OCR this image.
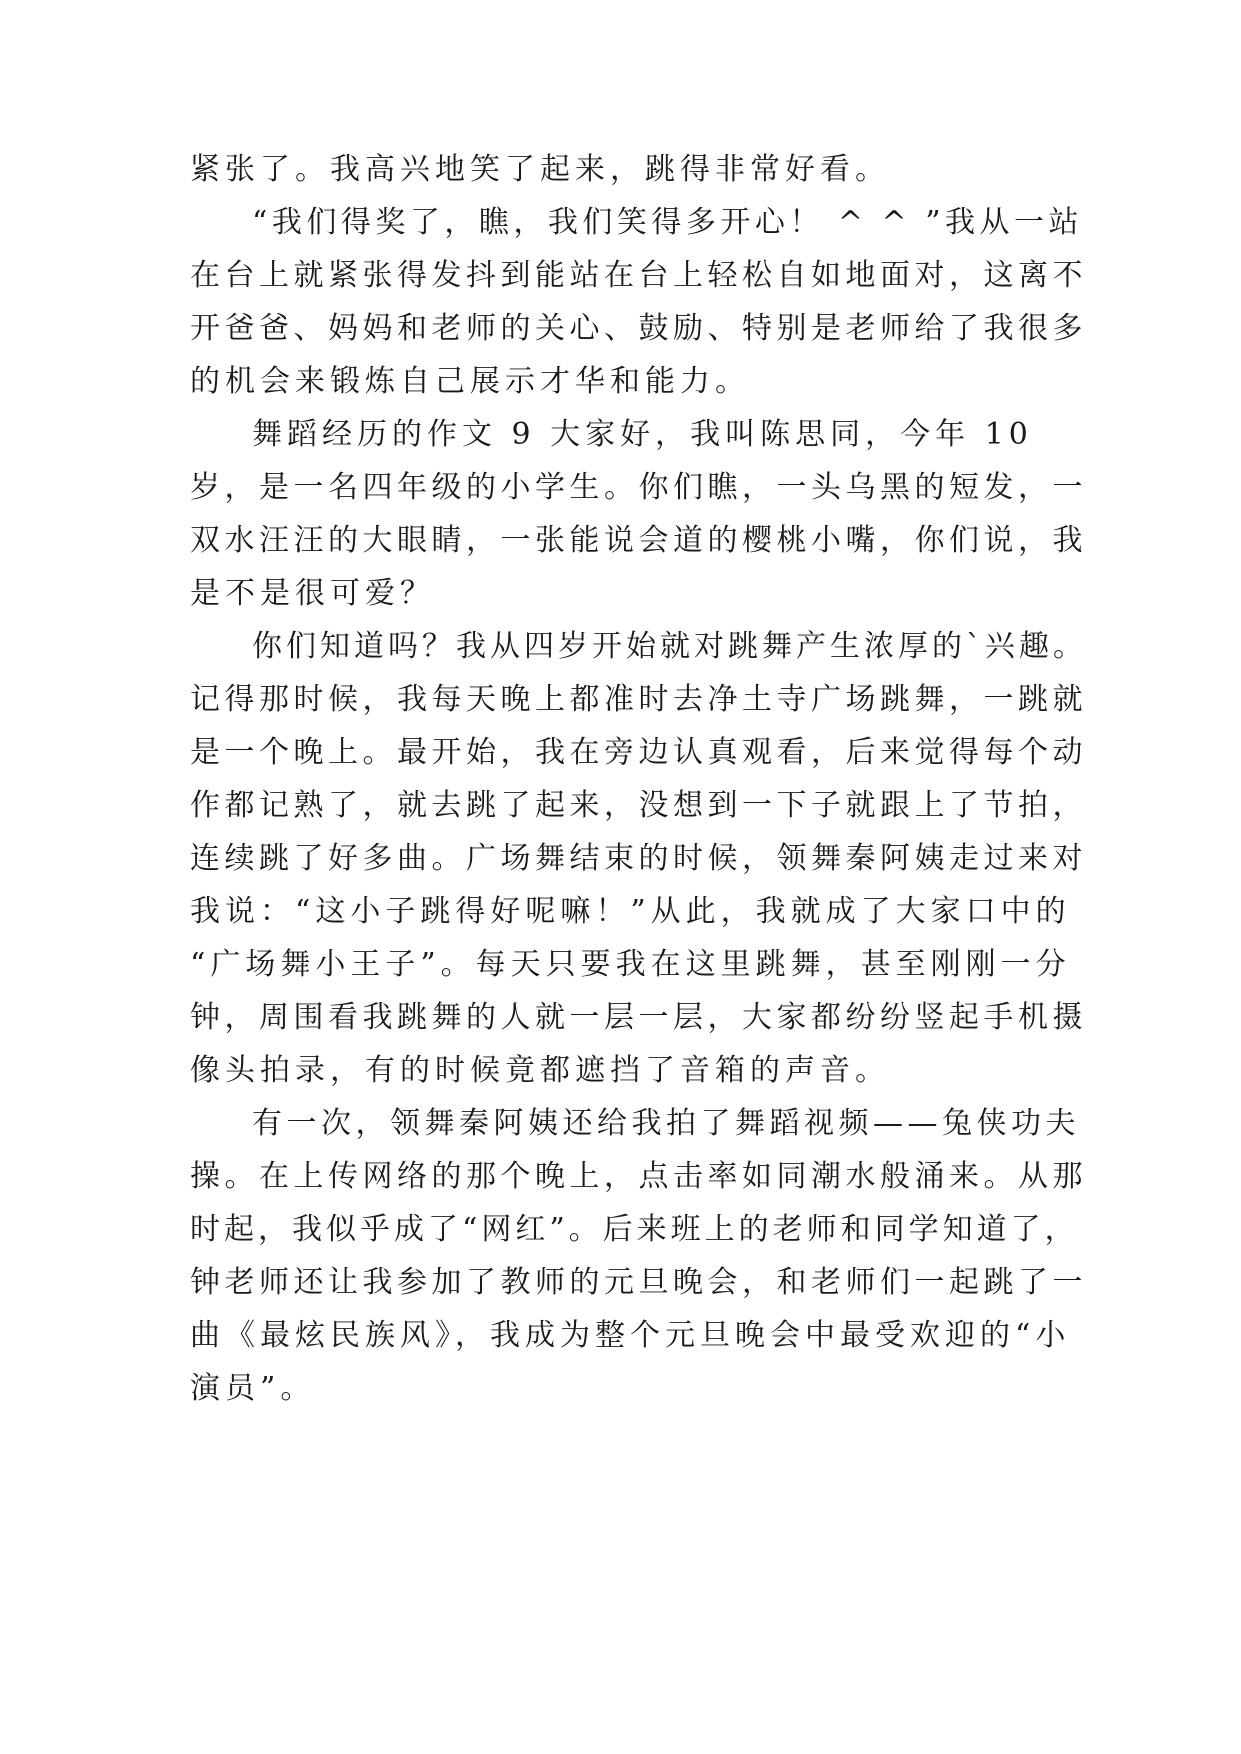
紧张了。我高兴地笑了起来，跳得非常好看。
“我们得奖了，瞧，我们笑得多开心！ ^ ^ ”我从一站
在台上就紧张得发抖到能站在台上轻松自如地面对，这离不
开爸爸、妈妈和老师的关心、鼓励、特别是老师给了我很多
的机会来锻炼自己展示才华和能力。
舞蹈经历的作文 9 大家好，我叫陈思同，今年 10
岁，是一名四年级的小学生。你们瞧，一头乌黑的短发，一
双水汪汪的大眼睛，一张能说会道的樱桃小嘴，你们说，我
是不是很可爱？
你们知道吗？我从四岁开始就对跳舞产生浓厚的`兴趣。
记得那时候，我每天晚上都准时去净土寺广场跳舞，一跳就
是一个晚上。最开始，我在旁边认真观看，后来觉得每个动
作都记熟了，就去跳了起来，没想到一下子就跟上了节拍，
连续跳了好多曲。广场舞结束的时候，领舞秦阿姨走过来对
我说：“这小子跳得好呢嘛！”从此，我就成了大家口中的
“广场舞小王子”。每天只要我在这里跳舞，甚至刚刚一分
钟，周围看我跳舞的人就一层一层，大家都纷纷竖起手机摄
像头拍录，有的时候竟都遮挡了音箱的声音。
有一次，领舞秦阿姨还给我拍了舞蹈视频——兔侠功夫
操。在上传网络的那个晚上，点击率如同潮水般涌来。从那
时起，我似乎成了“网红”。后来班上的老师和同学知道了，
钟老师还让我参加了教师的元旦晚会，和老师们一起跳了一
曲《最炫民族风》，我成为整个元旦晚会中最受欢迎的“小
演员”。
